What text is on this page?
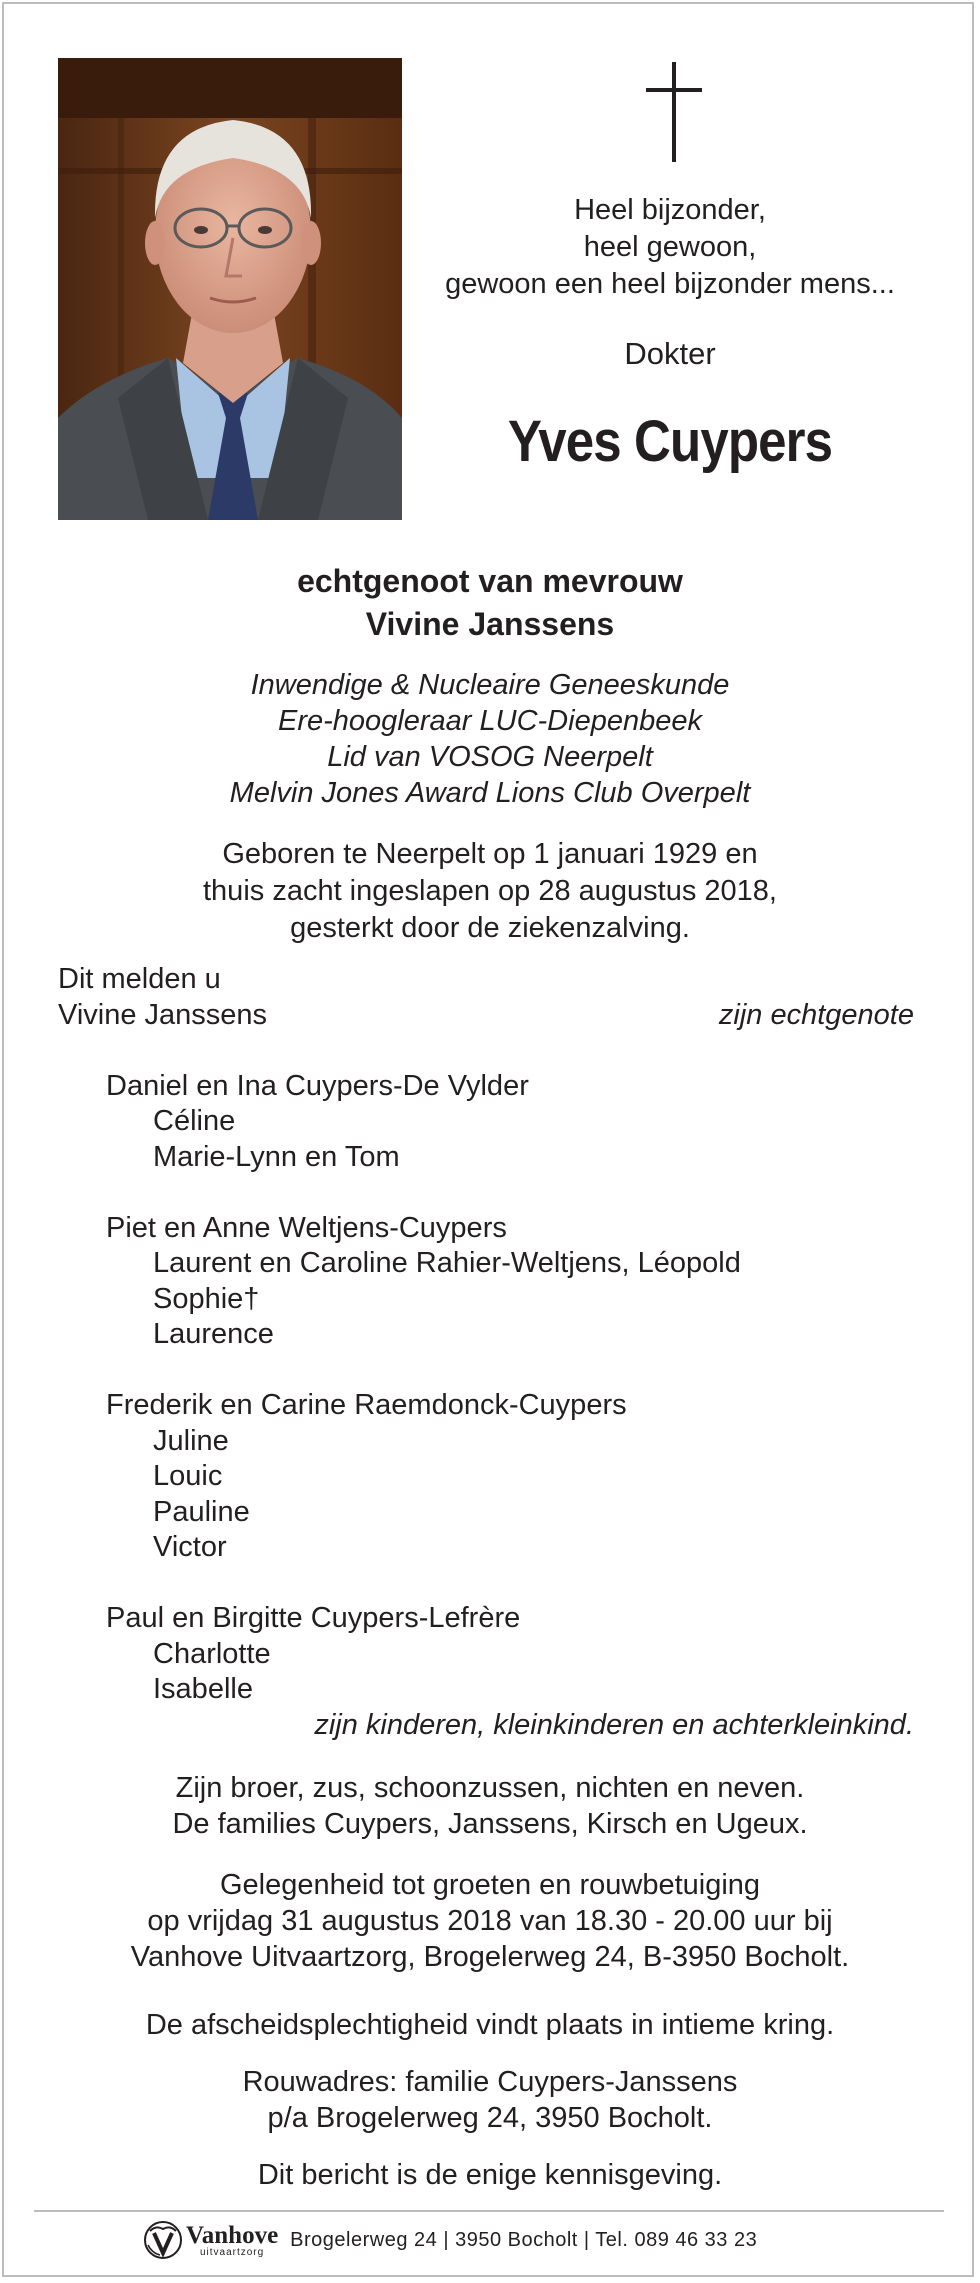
Heel bijzonder,
heel gewoon,
gewoon een heel bijzonder mens...
Dokter
Yves Cuypers
echtgenoot van mevrouw
Vivine Janssens
Inwendige & Nucleaire Geneeskunde
Ere-hoogleraar LUC-Diepenbeek
Lid van VOSOG Neerpelt
Melvin Jones Award Lions Club Overpelt
Geboren te Neerpelt op 1 januari 1929 en
thuis zacht ingeslapen op 28 augustus 2018,
gesterkt door de ziekenzalving.
Dit melden u
Vivine Janssens	zijn echtgenote
Daniel en Ina Cuypers-De Vylder
Céline
Marie-Lynn en Tom
Piet en Anne Weltjens-Cuypers
Laurent en Caroline Rahier-Weltjens, Léopold
Sophie†
Laurence
Frederik en Carine Raemdonck-Cuypers
Juline
Louic
Pauline
Victor
Paul en Birgitte Cuypers-Lefrère
Charlotte
Isabelle
zijn kinderen, kleinkinderen en achterkleinkind.
Zijn broer, zus, schoonzussen, nichten en neven.
De families Cuypers, Janssens, Kirsch en Ugeux.
Gelegenheid tot groeten en rouwbetuiging
op vrijdag 31 augustus 2018 van 18.30 - 20.00 uur bij
Vanhove Uitvaartzorg, Brogelerweg 24, B-3950 Bocholt.
De afscheidsplechtigheid vindt plaats in intieme kring.
Rouwadres: familie Cuypers-Janssens
p/a Brogelerweg 24, 3950 Bocholt.
Dit bericht is de enige kennisgeving.
Vanhove
uitvaartzorg
Brogelerweg 24 | 3950 Bocholt | Tel. 089 46 33 23
